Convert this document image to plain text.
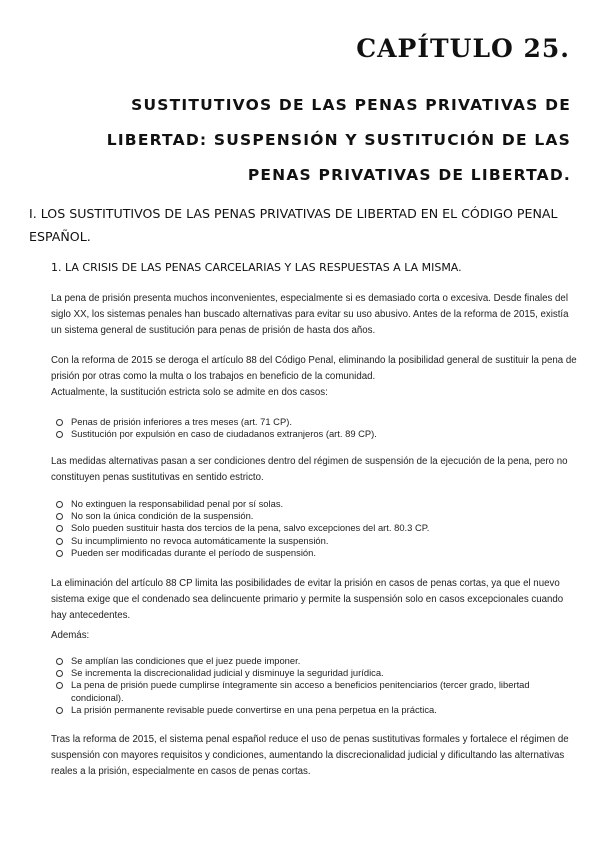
CAPÍTULO 25.
SUSTITUTIVOS DE LAS PENAS PRIVATIVAS DE
LIBERTAD: SUSPENSIÓN Y SUSTITUCIÓN DE LAS
PENAS PRIVATIVAS DE LIBERTAD.
I. LOS SUSTITUTIVOS DE LAS PENAS PRIVATIVAS DE LIBERTAD EN EL CÓDIGO PENAL ESPAÑOL.
1. LA CRISIS DE LAS PENAS CARCELARIAS Y LAS RESPUESTAS A LA MISMA.
La pena de prisión presenta muchos inconvenientes, especialmente si es demasiado corta o excesiva. Desde finales del siglo XX, los sistemas penales han buscado alternativas para evitar su uso abusivo. Antes de la reforma de 2015, existía un sistema general de sustitución para penas de prisión de hasta dos años.
Con la reforma de 2015 se deroga el artículo 88 del Código Penal, eliminando la posibilidad general de sustituir la pena de prisión por otras como la multa o los trabajos en beneficio de la comunidad.
Actualmente, la sustitución estricta solo se admite en dos casos:
Penas de prisión inferiores a tres meses (art. 71 CP).
Sustitución por expulsión en caso de ciudadanos extranjeros (art. 89 CP).
Las medidas alternativas pasan a ser condiciones dentro del régimen de suspensión de la ejecución de la pena, pero no constituyen penas sustitutivas en sentido estricto.
No extinguen la responsabilidad penal por sí solas.
No son la única condición de la suspensión.
Solo pueden sustituir hasta dos tercios de la pena, salvo excepciones del art. 80.3 CP.
Su incumplimiento no revoca automáticamente la suspensión.
Pueden ser modificadas durante el período de suspensión.
La eliminación del artículo 88 CP limita las posibilidades de evitar la prisión en casos de penas cortas, ya que el nuevo sistema exige que el condenado sea delincuente primario y permite la suspensión solo en casos excepcionales cuando hay antecedentes.
Además:
Se amplían las condiciones que el juez puede imponer.
Se incrementa la discrecionalidad judicial y disminuye la seguridad jurídica.
La pena de prisión puede cumplirse íntegramente sin acceso a beneficios penitenciarios (tercer grado, libertad condicional).
La prisión permanente revisable puede convertirse en una pena perpetua en la práctica.
Tras la reforma de 2015, el sistema penal español reduce el uso de penas sustitutivas formales y fortalece el régimen de suspensión con mayores requisitos y condiciones, aumentando la discrecionalidad judicial y dificultando las alternativas reales a la prisión, especialmente en casos de penas cortas.
